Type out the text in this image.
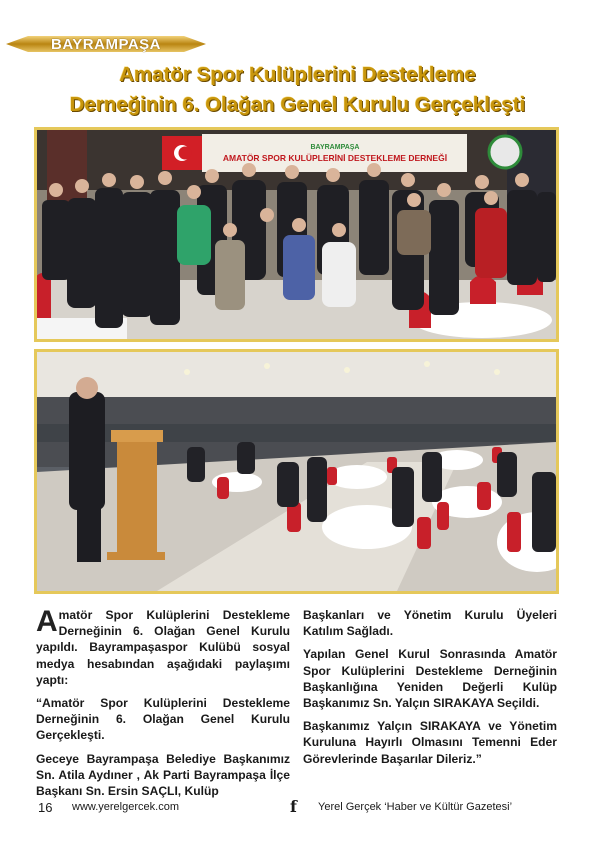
BAYRAMPAŞA
Amatör Spor Kulüplerini Destekleme
Derneğinin 6. Olağan Genel Kurulu Gerçekleşti
BAYRAMPAŞA
AMATÖR SPOR KULÜPLERİNİ DESTEKLEME DERNEĞİ

Amatör Spor Kulüplerini Destekleme Derneğinin 6. Olağan Genel Kurulu yapıldı. Bayrampaşaspor Kulübü sosyal medya hesabından aşağıdaki paylaşımı yaptı:

“Amatör Spor Kulüplerini Destekleme Derneğinin 6. Olağan Genel Kurulu Gerçekleşti.

Geceye Bayrampaşa Belediye Başkanımız Sn. Atila Aydıner , Ak Parti Bayrampaşa İlçe Başkanı Sn. Ersin SAÇLI, Kulüp

Başkanları ve Yönetim Kurulu Üyeleri Katılım Sağladı.

Yapılan Genel Kurul Sonrasında Amatör Spor Kulüplerini Destekleme Derneğinin Başkanlığına Yeniden Değerli Kulüp Başkanımız Sn. Yalçın SIRAKAYA Seçildi.

Başkanımız Yalçın SIRAKAYA ve Yönetim Kuruluna Hayırlı Olmasını Temenni Eder Görevlerinde Başarılar Dileriz.”

16 www.yerelgercek.com	f Yerel Gerçek ‘Haber ve Kültür Gazetesi’
